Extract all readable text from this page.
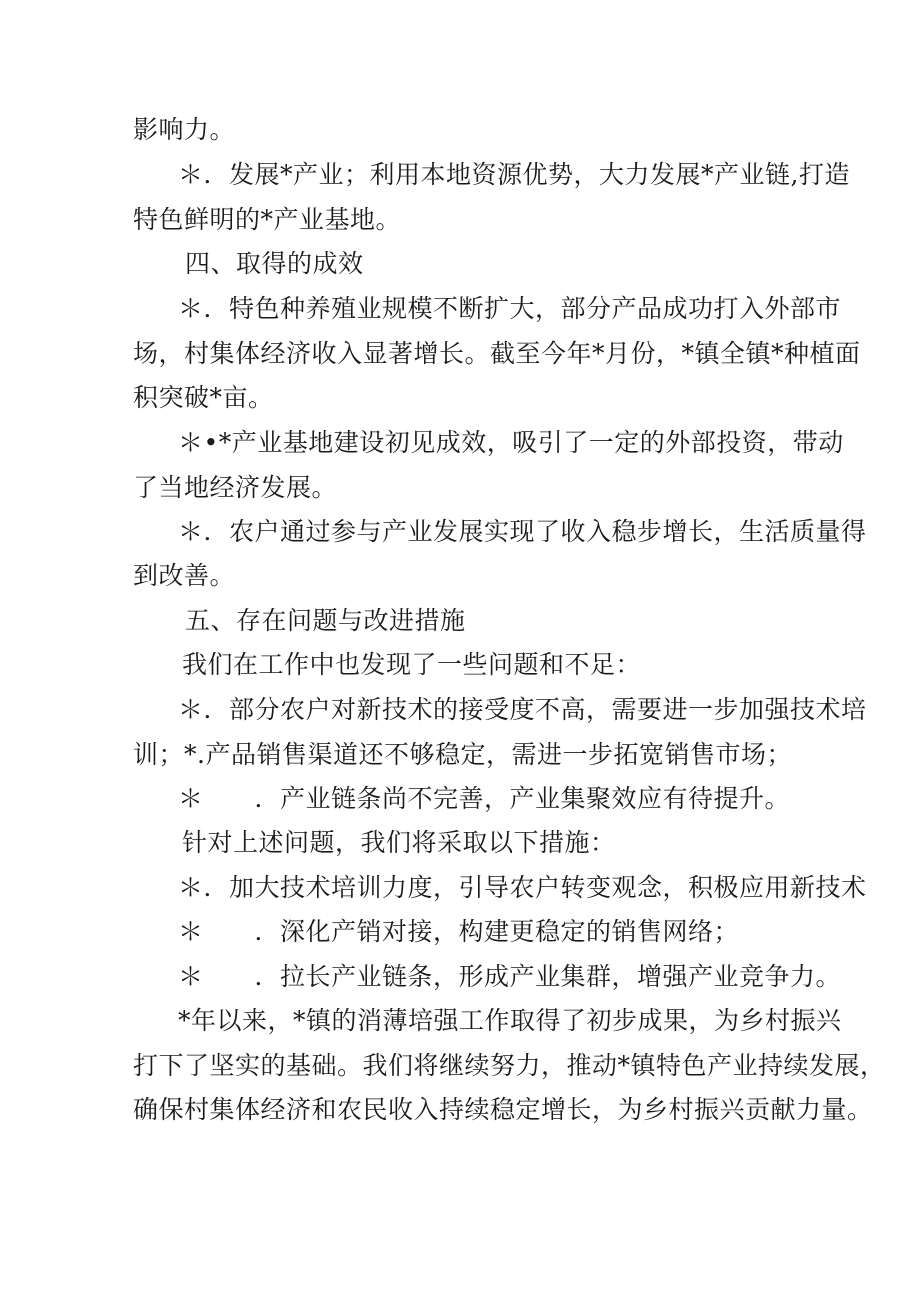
影响力。
＊．发展*产业；利用本地资源优势，大力发展*产业链,打造
特色鲜明的*产业基地。
四、取得的成效
＊．特色种养殖业规模不断扩大，部分产品成功打入外部市
场，村集体经济收入显著增长。截至今年*月份，*镇全镇*种植面
积突破*亩。
＊•*产业基地建设初见成效，吸引了一定的外部投资，带动
了当地经济发展。
＊．农户通过参与产业发展实现了收入稳步增长，生活质量得
到改善。
五、存在问题与改进措施
我们在工作中也发现了一些问题和不足：
＊．部分农户对新技术的接受度不高，需要进一步加强技术培
训；*.产品销售渠道还不够稳定，需进一步拓宽销售市场；
＊　　．产业链条尚不完善，产业集聚效应有待提升。
针对上述问题，我们将采取以下措施：
＊．加大技术培训力度，引导农户转变观念，积极应用新技术
＊　　．深化产销对接，构建更稳定的销售网络；
＊　　．拉长产业链条，形成产业集群，增强产业竞争力。
*年以来，*镇的消薄培强工作取得了初步成果，为乡村振兴
打下了坚实的基础。我们将继续努力，推动*镇特色产业持续发展，
确保村集体经济和农民收入持续稳定增长，为乡村振兴贡献力量。
